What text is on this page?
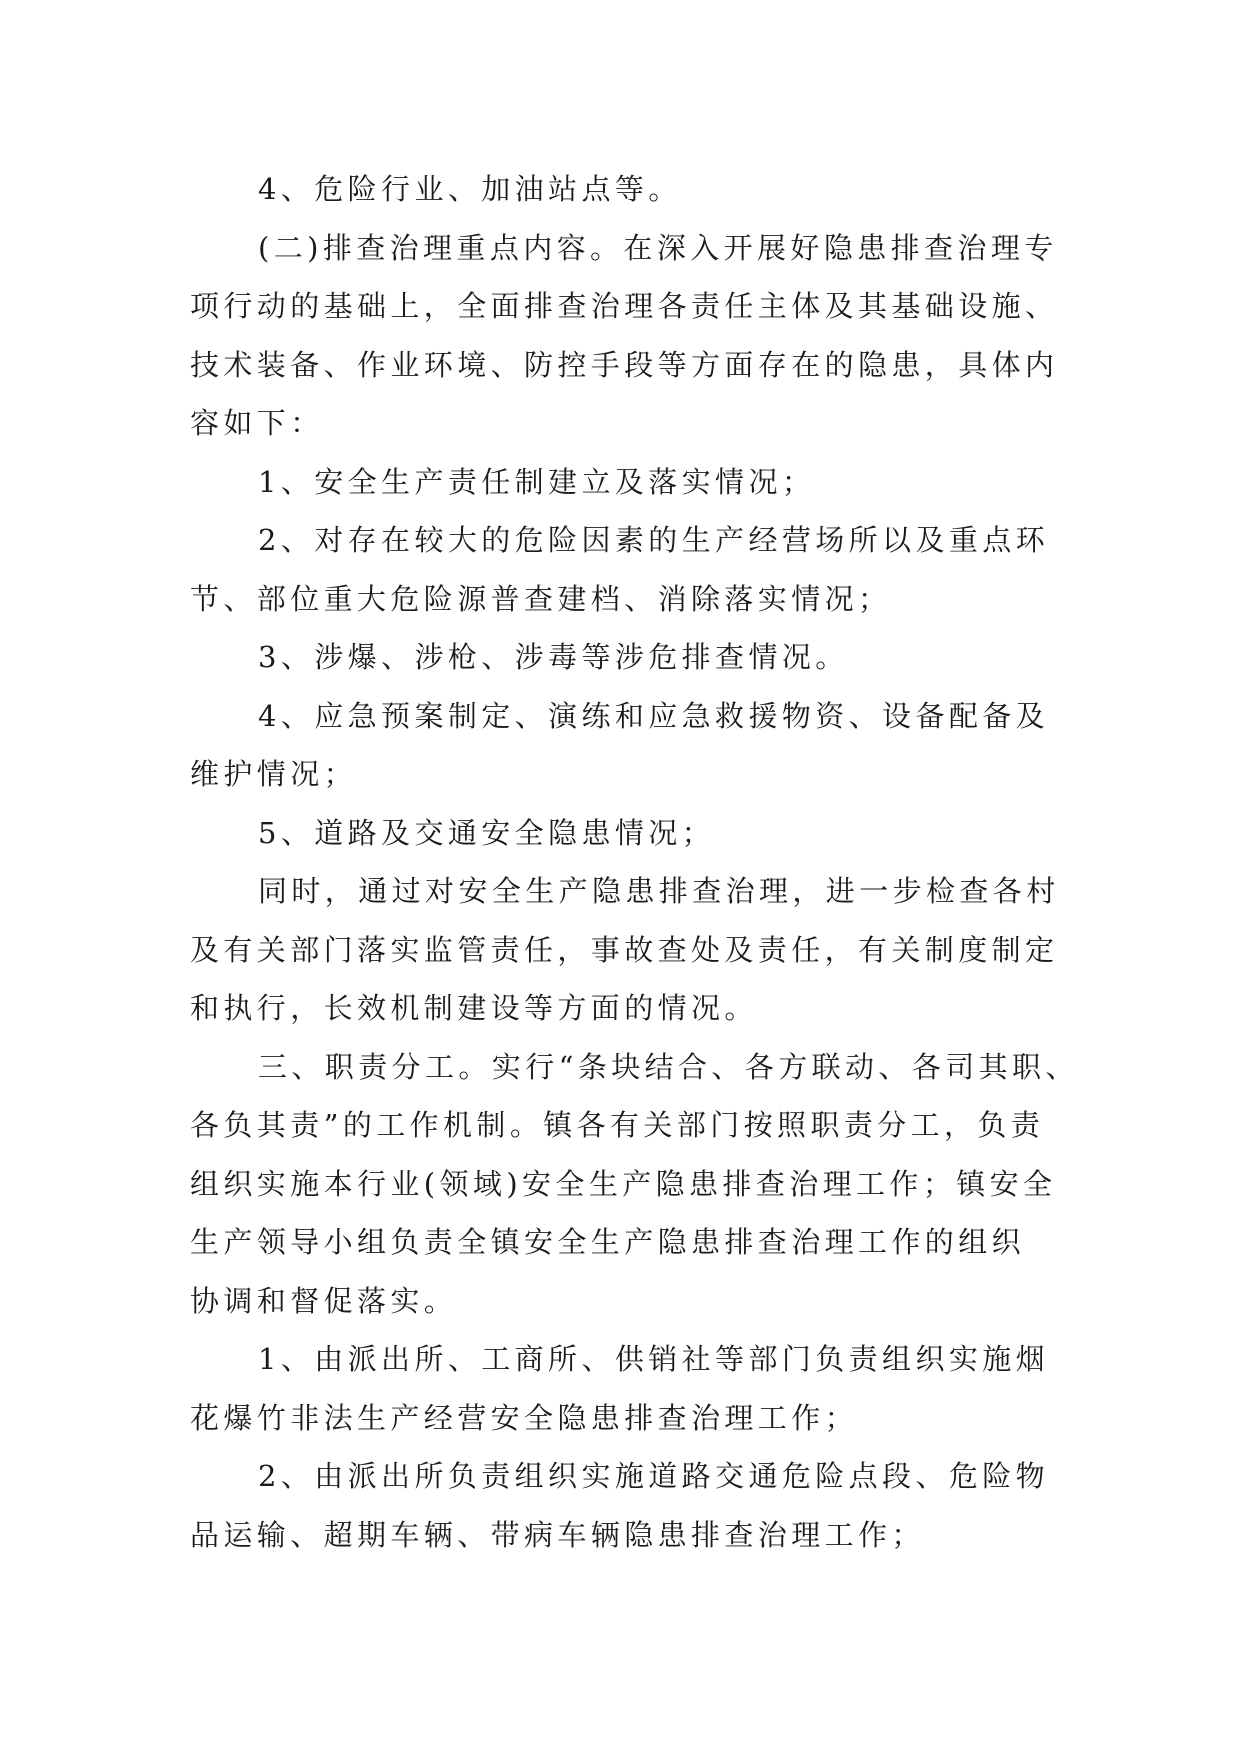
4、危险行业、加油站点等。

(二)排查治理重点内容。在深入开展好隐患排查治理专
项行动的基础上，全面排查治理各责任主体及其基础设施、
技术装备、作业环境、防控手段等方面存在的隐患，具体内
容如下：

1、安全生产责任制建立及落实情况；

2、对存在较大的危险因素的生产经营场所以及重点环
节、部位重大危险源普查建档、消除落实情况；

3、涉爆、涉枪、涉毒等涉危排查情况。

4、应急预案制定、演练和应急救援物资、设备配备及
维护情况；

5、道路及交通安全隐患情况；

同时，通过对安全生产隐患排查治理，进一步检查各村
及有关部门落实监管责任，事故查处及责任，有关制度制定
和执行，长效机制建设等方面的情况。

三、职责分工。实行“条块结合、各方联动、各司其职、
各负其责”的工作机制。镇各有关部门按照职责分工，负责
组织实施本行业(领域)安全生产隐患排查治理工作；镇安全
生产领导小组负责全镇安全生产隐患排查治理工作的组织
协调和督促落实。

1、由派出所、工商所、供销社等部门负责组织实施烟
花爆竹非法生产经营安全隐患排查治理工作；

2、由派出所负责组织实施道路交通危险点段、危险物
品运输、超期车辆、带病车辆隐患排查治理工作；
